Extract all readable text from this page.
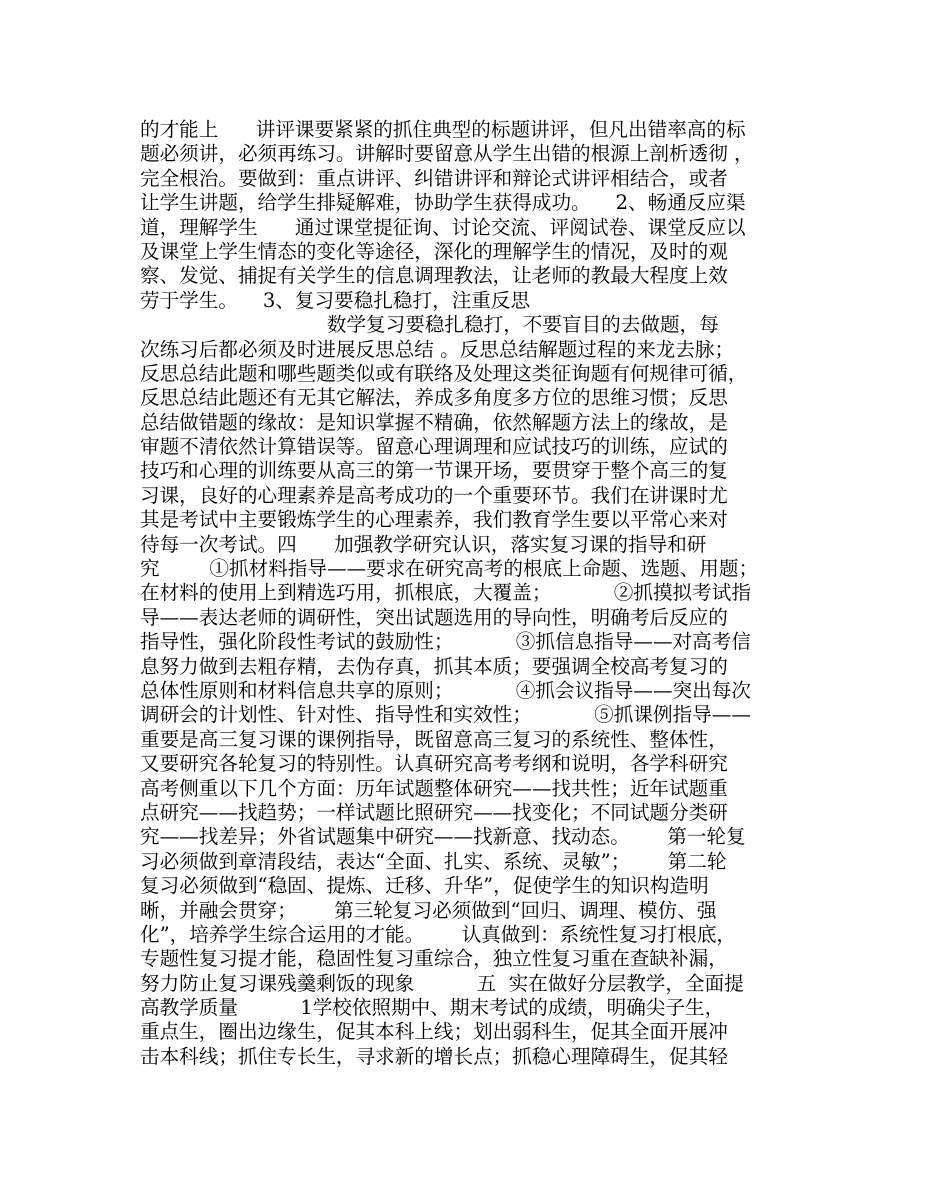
的才能上      讲评课要紧紧的抓住典型的标题讲评，但凡出错率高的标
题必须讲，必须再练习。讲解时要留意从学生出错的根源上剖析透彻 ，
完全根治。要做到：重点讲评、纠错讲评和辩论式讲评相结合，或者
让学生讲题，给学生排疑解难，协助学生获得成功。    2、畅通反应渠
道，理解学生      通过课堂提征询、讨论交流、评阅试卷、课堂反应以
及课堂上学生情态的变化等途径，深化的理解学生的情况，及时的观
察、发觉、捕捉有关学生的信息调理教法，让老师的教最大程度上效
劳于学生。    3、复习要稳扎稳打，注重反思
数学复习要稳扎稳打，不要盲目的去做题，每
次练习后都必须及时进展反思总结 。反思总结解题过程的来龙去脉；
反思总结此题和哪些题类似或有联络及处理这类征询题有何规律可循，
反思总结此题还有无其它解法，养成多角度多方位的思维习惯；反思
总结做错题的缘故：是知识掌握不精确，依然解题方法上的缘故，是
审题不清依然计算错误等。留意心理调理和应试技巧的训练，应试的
技巧和心理的训练要从高三的第一节课开场，要贯穿于整个高三的复
习课，良好的心理素养是高考成功的一个重要环节。我们在讲课时尤
其是考试中主要锻炼学生的心理素养，我们教育学生要以平常心来对
待每一次考试。四      加强教学研究认识，落实复习课的指导和研
究        ①抓材料指导——要求在研究高考的根底上命题、选题、用题；
在材料的使用上到精选巧用，抓根底，大覆盖；          ②抓摸拟考试指
导——表达老师的调研性，突出试题选用的导向性，明确考后反应的
指导性，强化阶段性考试的鼓励性；          ③抓信息指导——对高考信
息努力做到去粗存精，去伪存真，抓其本质；要强调全校高考复习的
总体性原则和材料信息共享的原则；          ④抓会议指导——突出每次
调研会的计划性、针对性、指导性和实效性；          ⑤抓课例指导——
重要是高三复习课的课例指导，既留意高三复习的系统性、整体性，
又要研究各轮复习的特别性。认真研究高考考纲和说明，各学科研究
高考侧重以下几个方面：历年试题整体研究——找共性；近年试题重
点研究——找趋势；一样试题比照研究——找变化；不同试题分类研
究——找差异；外省试题集中研究——找新意、找动态。      第一轮复
习必须做到章清段结，表达“全面、扎实、系统、灵敏”；      第二轮
复习必须做到“稳固、提炼、迁移、升华”，促使学生的知识构造明
晰，并融会贯穿；      第三轮复习必须做到“回归、调理、模仿、强
化”，培养学生综合运用的才能。      认真做到：系统性复习打根底，
专题性复习提才能，稳固性复习重综合，独立性复习重在查缺补漏，
努力防止复习课残羹剩饭的现象          五  实在做好分层教学，全面提
高教学质量          1学校依照期中、期末考试的成绩，明确尖子生，
重点生，圈出边缘生，促其本科上线；划出弱科生，促其全面开展冲
击本科线；抓住专长生，寻求新的增长点；抓稳心理障碍生，促其轻
